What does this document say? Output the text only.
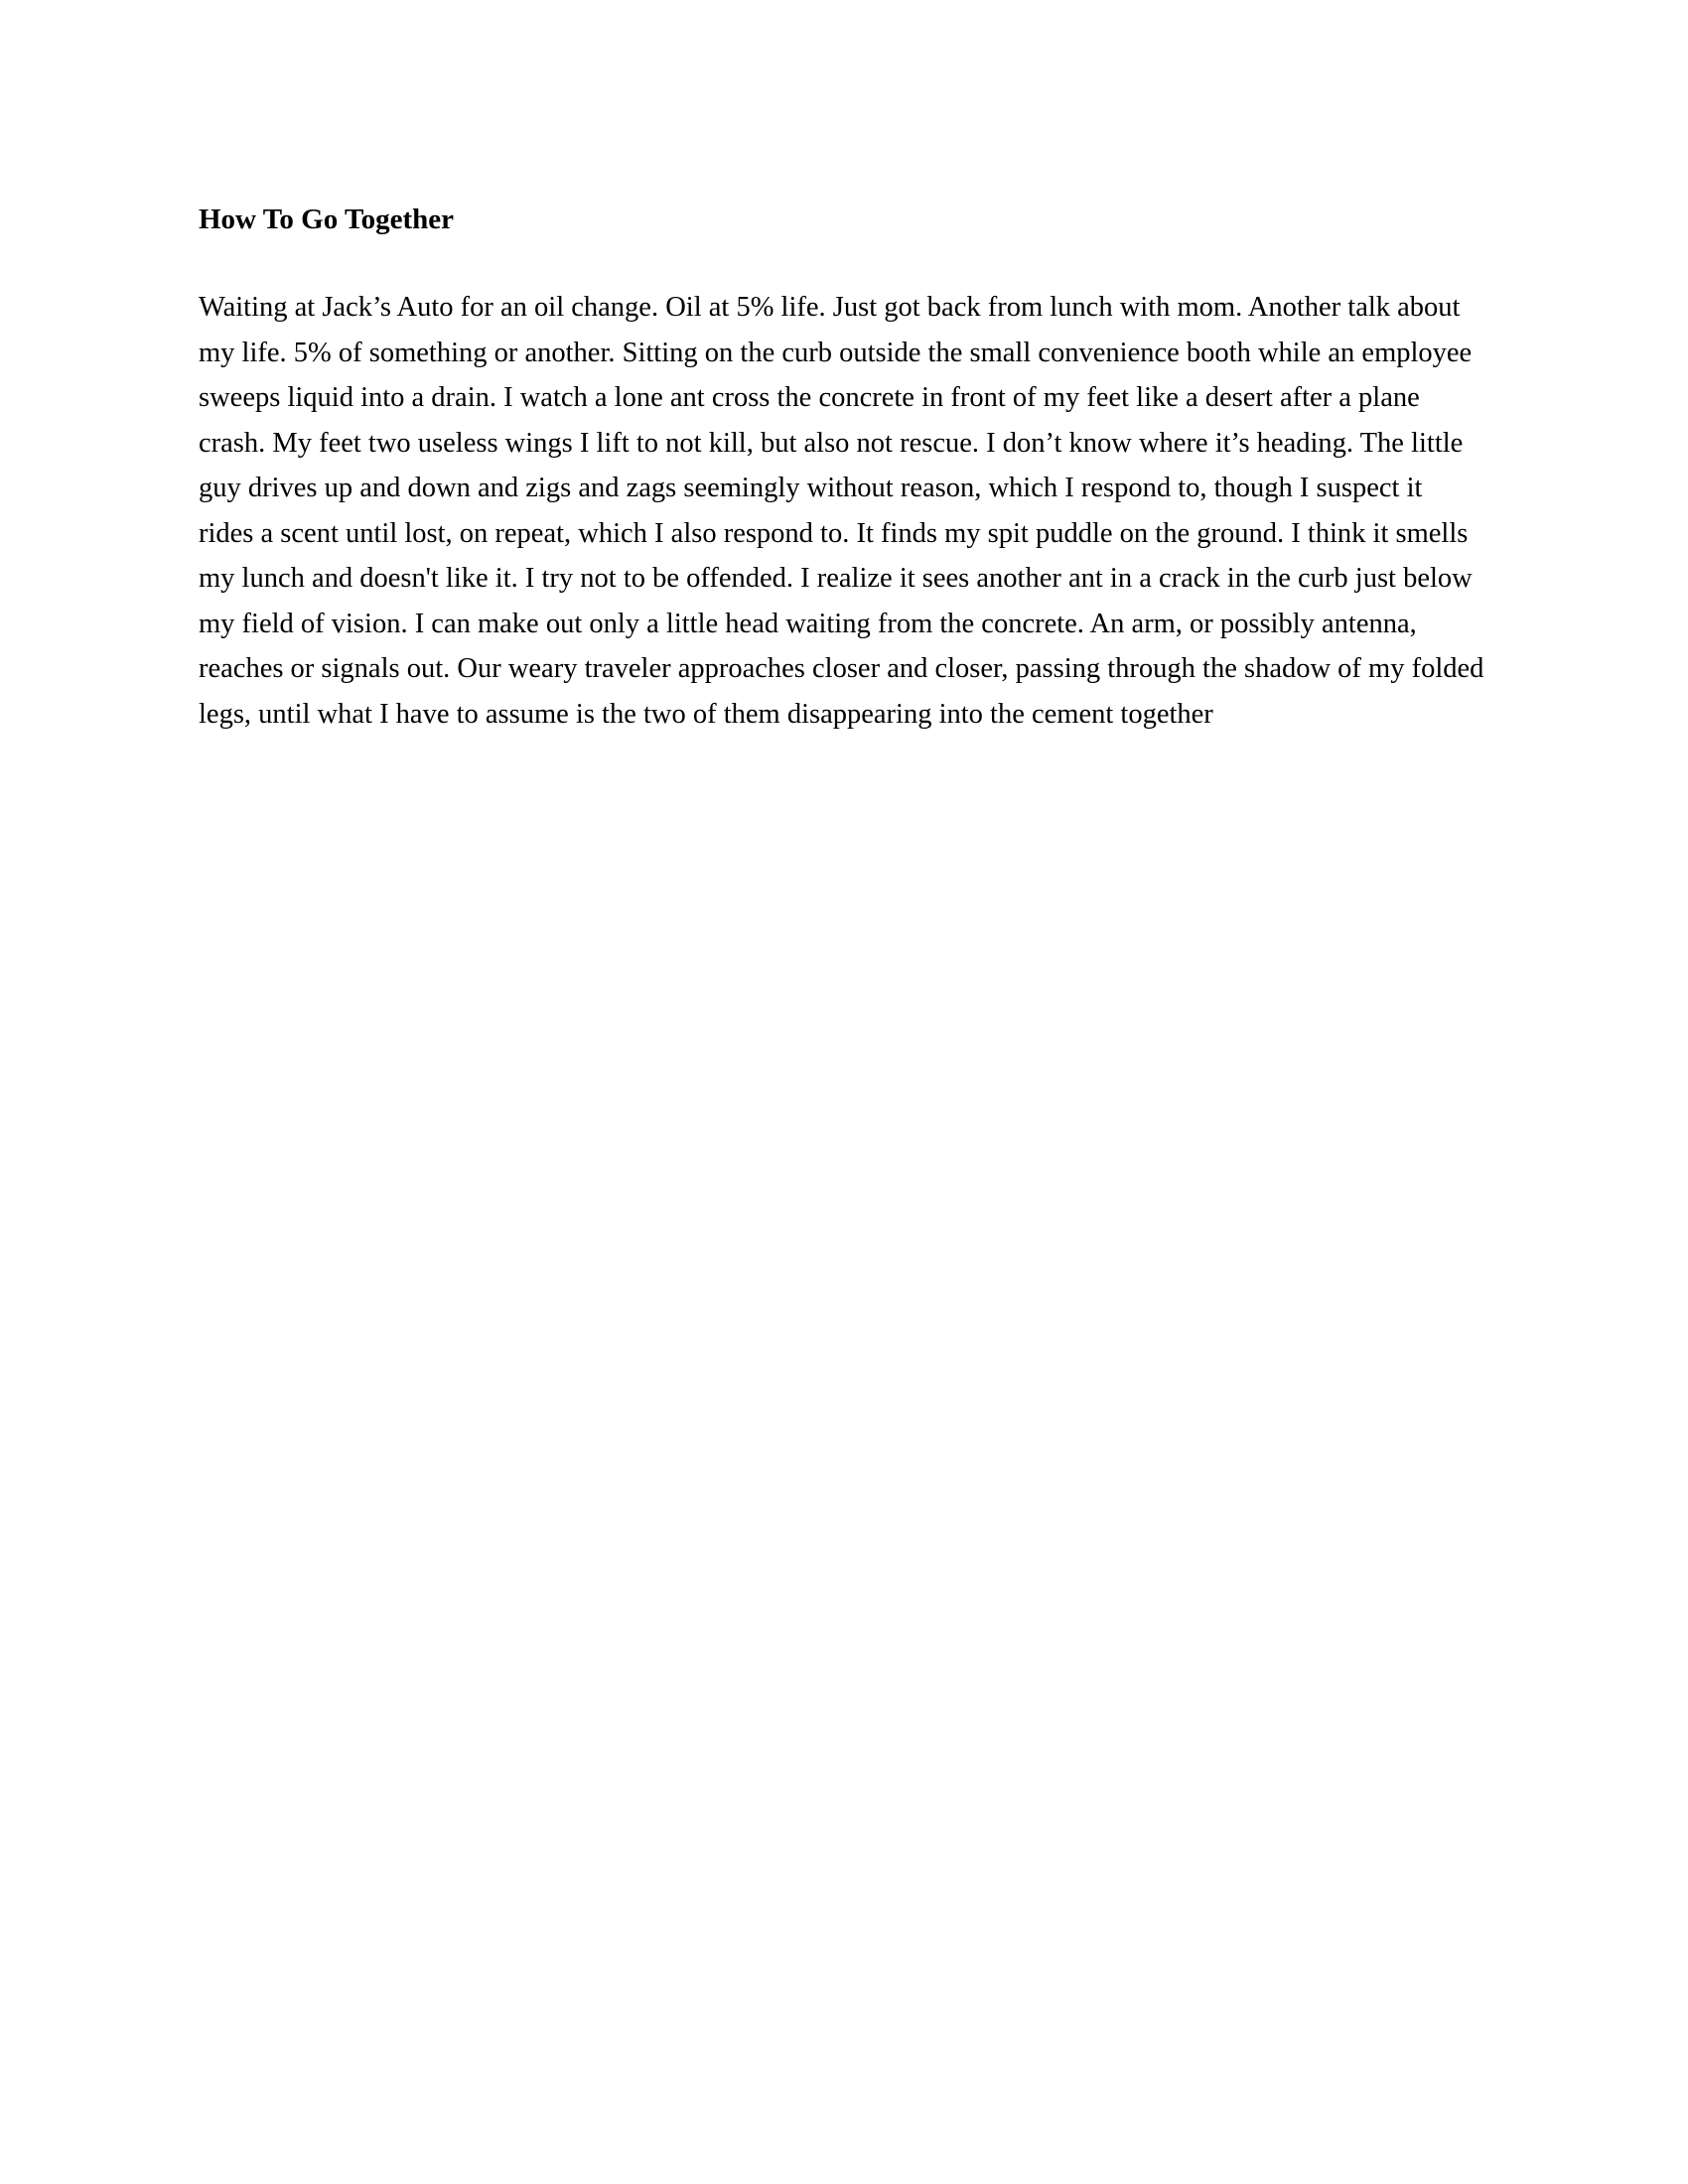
How To Go Together
Waiting at Jack’s Auto for an oil change. Oil at 5% life. Just got back from lunch with mom. Another talk about
my life. 5% of something or another. Sitting on the curb outside the small convenience booth while an employee
sweeps liquid into a drain. I watch a lone ant cross the concrete in front of my feet like a desert after a plane
crash. My feet two useless wings I lift to not kill, but also not rescue. I don’t know where it’s heading. The little
guy drives up and down and zigs and zags seemingly without reason, which I respond to, though I suspect it
rides a scent until lost, on repeat, which I also respond to. It finds my spit puddle on the ground. I think it smells
my lunch and doesn't like it. I try not to be offended. I realize it sees another ant in a crack in the curb just below
my field of vision. I can make out only a little head waiting from the concrete. An arm, or possibly antenna,
reaches or signals out. Our weary traveler approaches closer and closer, passing through the shadow of my folded
legs, until what I have to assume is the two of them disappearing into the cement together
